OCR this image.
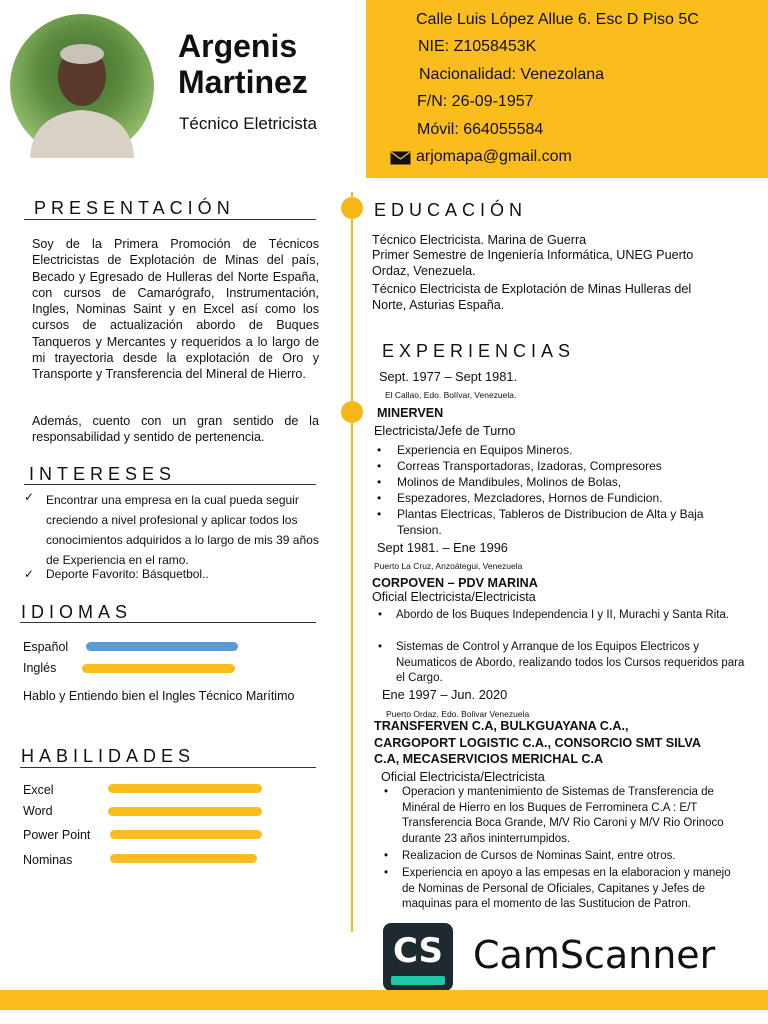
Argenis
Martinez
Técnico Eletricista
Calle Luis López Allue 6. Esc D Piso 5C
NIE: Z1058453K
Nacionalidad: Venezolana
F/N: 26-09-1957
Móvil: 664055584
arjomapa@gmail.com
PRESENTACIÓN
Soy de la Primera Promoción de Técnicos Electricistas de Explotación de Minas del país, Becado y Egresado de Hulleras del Norte España, con cursos de Camarógrafo, Instrumentación, Ingles, Nominas Saint y en Excel así como los cursos de actualización abordo de Buques Tanqueros y Mercantes y requeridos a lo largo de mi trayectoria desde la explotación de Oro y Transporte y Transferencia del Mineral de Hierro.
Además, cuento con un gran sentido de la responsabilidad y sentido de pertenencia.
INTERESES
✓ Encontrar una empresa en la cual pueda seguir creciendo a nivel profesional y aplicar todos los conocimientos adquiridos a lo largo de mis 39 años de Experiencia en el ramo.
✓ Deporte Favorito: Básquetbol..
IDIOMAS
Español
Inglés
Hablo y Entiendo bien el Ingles Técnico Marítimo
HABILIDADES
Excel
Word
Power Point
Nominas
EDUCACIÓN
Técnico Electricista. Marina de Guerra
Primer Semestre de Ingeniería Informática, UNEG Puerto
Ordaz, Venezuela.
Técnico Electricista de Explotación de Minas Hulleras del
Norte, Asturias España.
EXPERIENCIAS
Sept. 1977 – Sept 1981.
El Callao, Edo. Bolívar, Venezuela.
MINERVEN
Electricista/Jefe de Turno
• Experiencia en Equipos Mineros.
• Correas Transportadoras, Izadoras, Compresores
• Molinos de Mandibules, Molinos de Bolas,
• Espezadores, Mezcladores, Hornos de Fundicion.
• Plantas Electricas, Tableros de Distribucion de Alta y Baja Tension.
Sept 1981. – Ene 1996
Puerto La Cruz, Anzoátegui, Venezuela
CORPOVEN – PDV MARINA
Oficial Electricista/Electricista
• Abordo de los Buques Independencia I y II, Murachi y Santa Rita.
• Sistemas de Control y Arranque de los Equipos Electricos y Neumaticos de Abordo, realizando todos los Cursos requeridos para el Cargo.
Ene 1997 – Jun. 2020
Puerto Ordaz, Edo. Bolivar Venezuela
TRANSFERVEN C.A, BULKGUAYANA C.A.,
CARGOPORT LOGISTIC C.A., CONSORCIO SMT SILVA
C.A, MECASERVICIOS MERICHAL C.A
Oficial Electricista/Electricista
• Operacion y mantenimiento de Sistemas de Transferencia de Minéral de Hierro en los Buques de Ferrominera C.A : E/T Transferencia Boca Grande, M/V Rio Caroni y M/V Rio Orinoco durante 23 años ininterrumpidos.
• Realizacion de Cursos de Nominas Saint, entre otros.
• Experiencia en apoyo a las empesas en la elaboracion y manejo de Nominas de Personal de Oficiales, Capitanes y Jefes de maquinas para el momento de las Sustitucion de Patron.
CS CamScanner
